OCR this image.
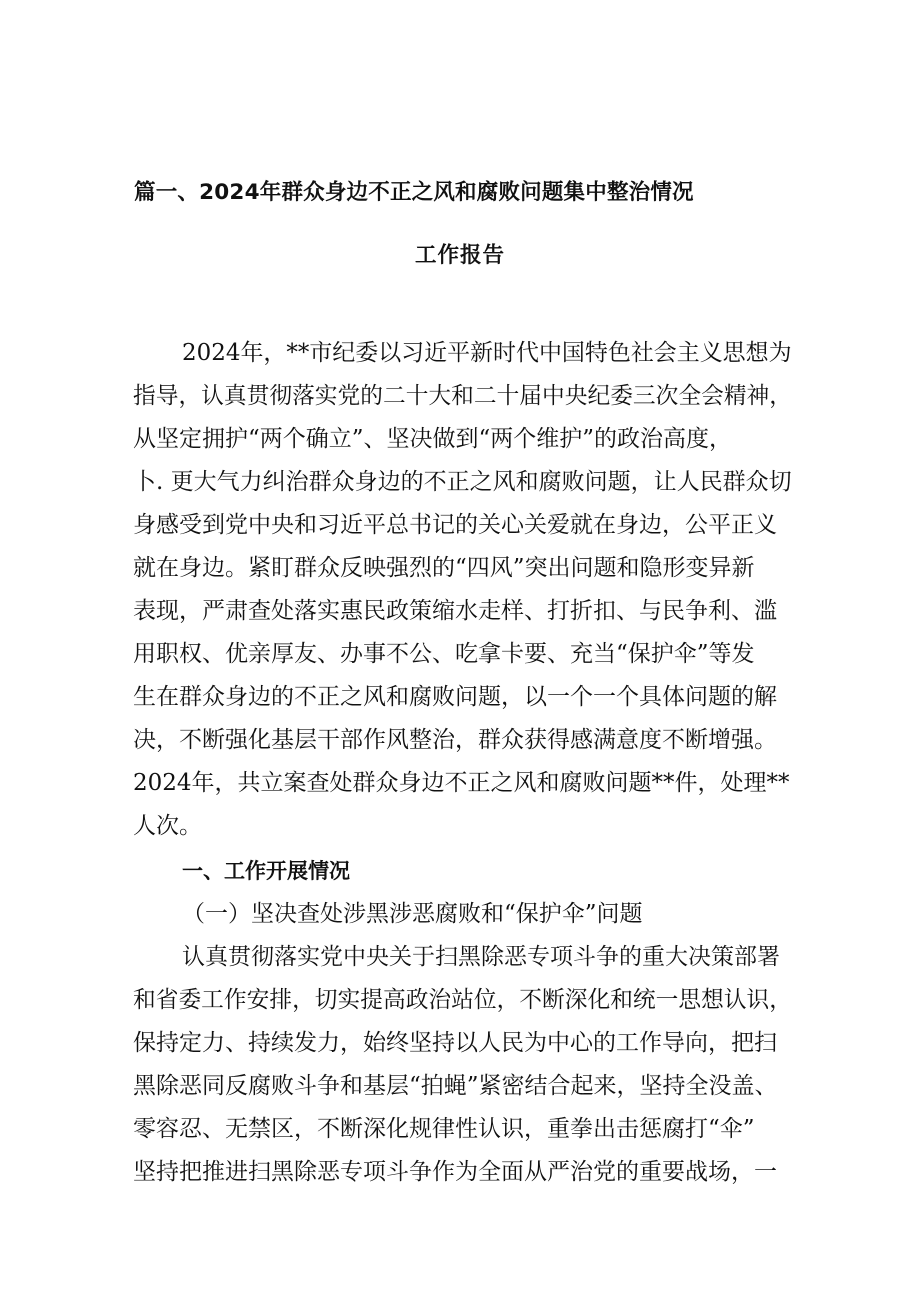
篇一、2024年群众身边不正之风和腐败问题集中整治情况
工作报告
2024年，**市纪委以习近平新时代中国特色社会主义思想为
指导，认真贯彻落实党的二十大和二十届中央纪委三次全会精神，
从坚定拥护“两个确立”、坚决做到“两个维护”的政治高度，
卜. 更大气力纠治群众身边的不正之风和腐败问题，让人民群众切
身感受到党中央和习近平总书记的关心关爱就在身边，公平正义
就在身边。紧盯群众反映强烈的“四风”突出问题和隐形变异新
表现，严肃查处落实惠民政策缩水走样、打折扣、与民争利、滥
用职权、优亲厚友、办事不公、吃拿卡要、充当“保护伞”等发
生在群众身边的不正之风和腐败问题，以一个一个具体问题的解
决，不断强化基层干部作风整治，群众获得感满意度不断增强。
2024年，共立案查处群众身边不正之风和腐败问题**件，处理**
人次。
一、工作开展情况
（一）坚决查处涉黑涉恶腐败和“保护伞”问题
认真贯彻落实党中央关于扫黑除恶专项斗争的重大决策部署
和省委工作安排，切实提高政治站位，不断深化和统一思想认识，
保持定力、持续发力，始终坚持以人民为中心的工作导向，把扫
黑除恶同反腐败斗争和基层“拍蝇”紧密结合起来，坚持全没盖、
零容忍、无禁区，不断深化规律性认识，重拳出击惩腐打“伞”
坚持把推进扫黑除恶专项斗争作为全面从严治党的重要战场，一
